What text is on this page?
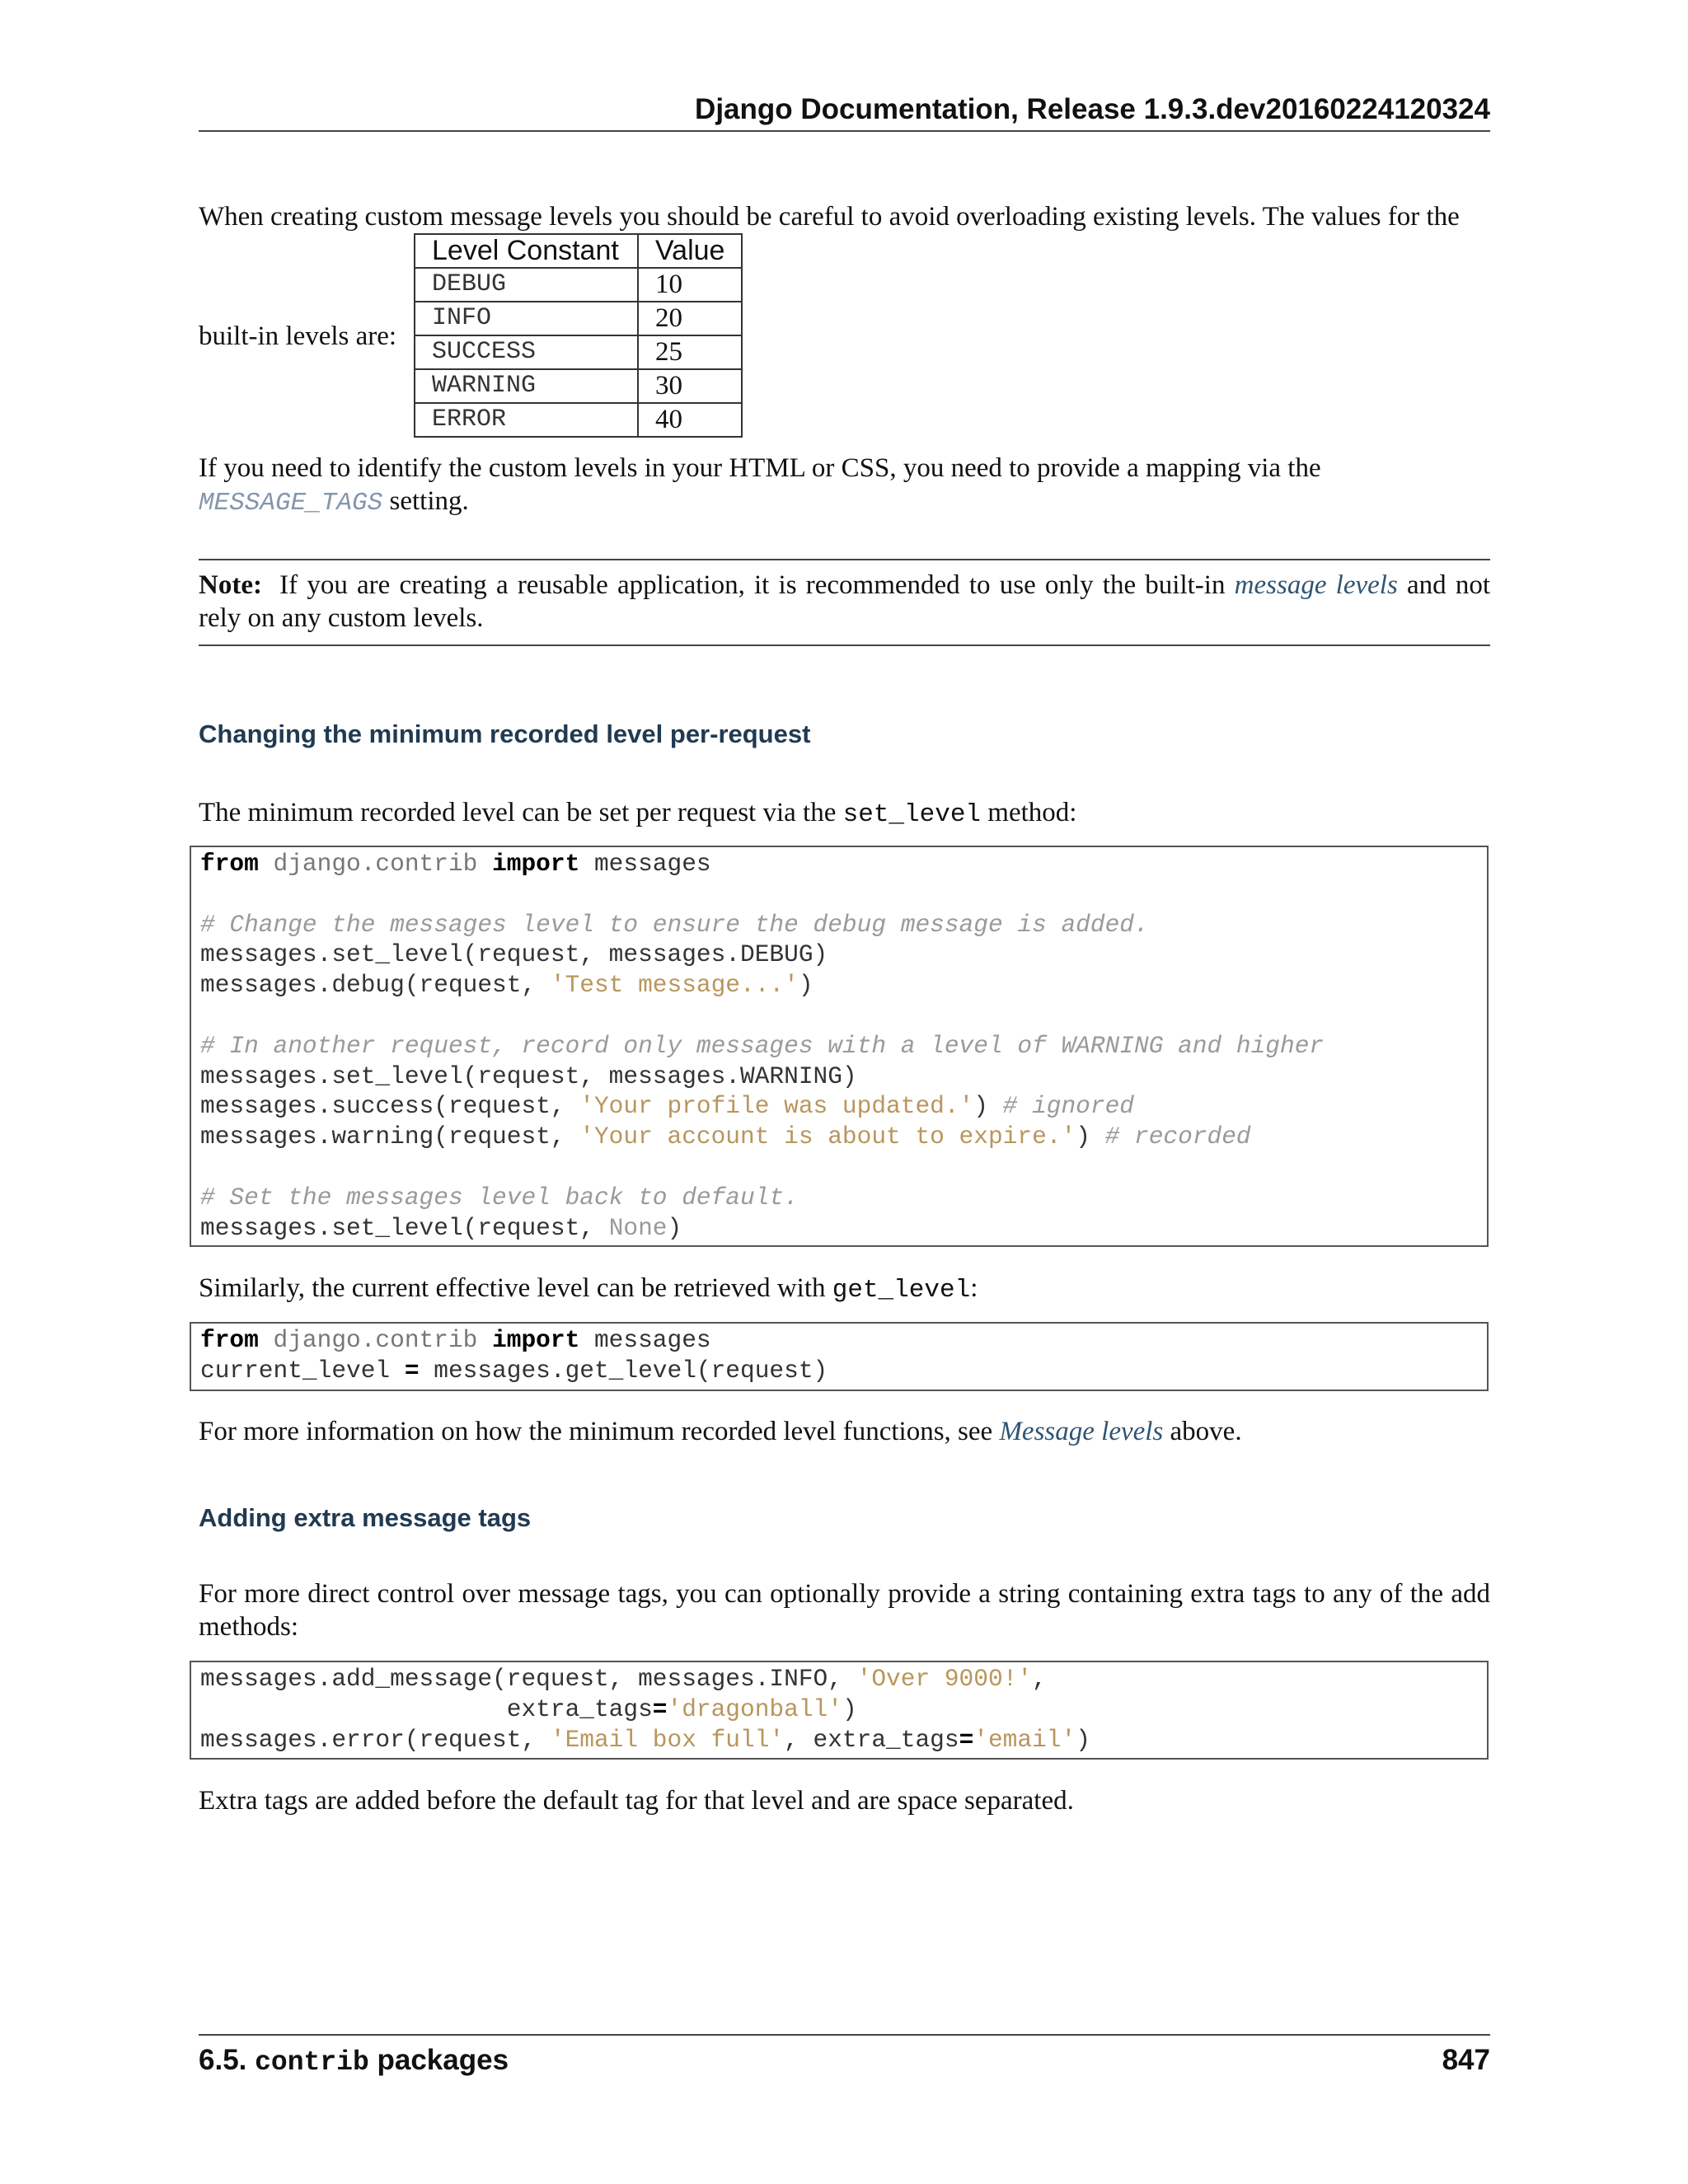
Django Documentation, Release 1.9.3.dev20160224120324
When creating custom message levels you should be careful to avoid overloading existing levels. The values for the
built-in levels are:
Level Constant	Value
DEBUG	10
INFO	20
SUCCESS	25
WARNING	30
ERROR	40
If you need to identify the custom levels in your HTML or CSS, you need to provide a mapping via the
MESSAGE_TAGS setting.
Note: If you are creating a reusable application, it is recommended to use only the built-in message levels and not rely on any custom levels.
Changing the minimum recorded level per-request
The minimum recorded level can be set per request via the set_level method:
from django.contrib import messages

# Change the messages level to ensure the debug message is added.
messages.set_level(request, messages.DEBUG)
messages.debug(request, 'Test message...')

# In another request, record only messages with a level of WARNING and higher
messages.set_level(request, messages.WARNING)
messages.success(request, 'Your profile was updated.') # ignored
messages.warning(request, 'Your account is about to expire.') # recorded

# Set the messages level back to default.
messages.set_level(request, None)
Similarly, the current effective level can be retrieved with get_level:
from django.contrib import messages
current_level = messages.get_level(request)
For more information on how the minimum recorded level functions, see Message levels above.
Adding extra message tags
For more direct control over message tags, you can optionally provide a string containing extra tags to any of the add methods:
messages.add_message(request, messages.INFO, 'Over 9000!',
extra_tags='dragonball')
messages.error(request, 'Email box full', extra_tags='email')
Extra tags are added before the default tag for that level and are space separated.
6.5. contrib packages	847
